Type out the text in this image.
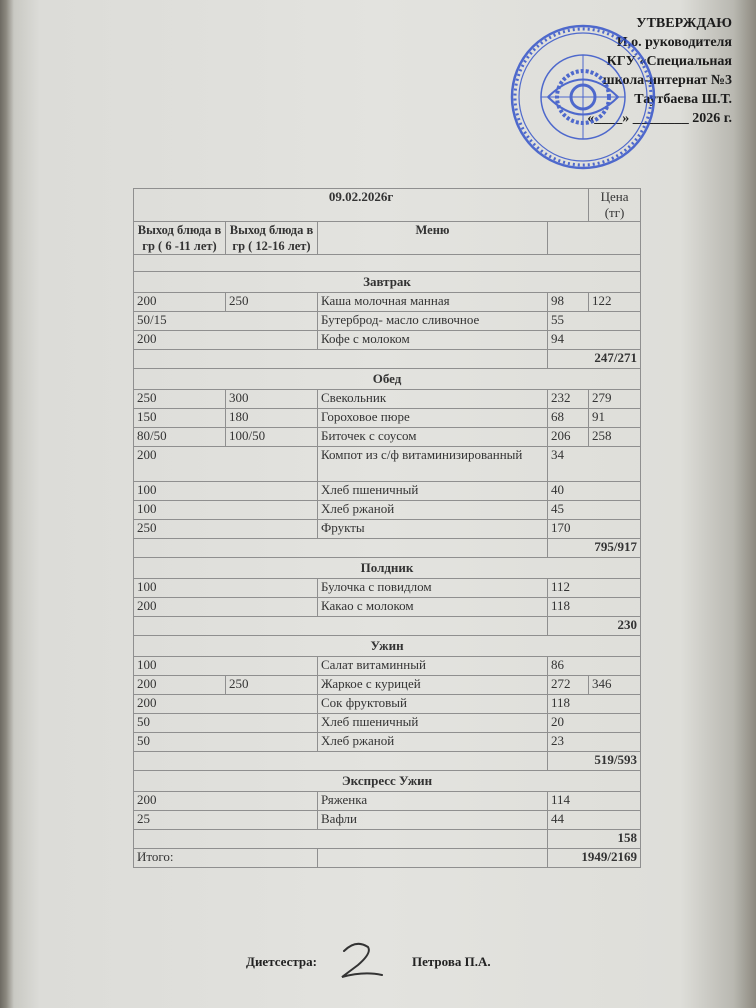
УТВЕРЖДАЮ
И.о. руководителя
КГУ «Специальная
школа-интернат №3
Таутбаева Ш.Т.
«____» ________ 2026 г.
09.02.2026г				Цена (тг)
Выход блюда в гр ( 6 -11 лет)	Выход блюда в гр ( 12-16 лет)	Меню		

Завтрак				
200	250	Каша молочная манная	98	122
50/15		Бутерброд- масло сливочное	55	
200		Кофе с молоком	94	
			247/271	
Обед				
250	300	Свекольник	232	279
150	180	Гороховое пюре	68	91
80/50	100/50	Биточек с соусом	206	258
200		Компот из с/ф витаминизированный	34	
100		Хлеб пшеничный	40	
100		Хлеб ржаной	45	
250		Фрукты	170	
			795/917	
Полдник				
100		Булочка с повидлом	112	
200		Какао с молоком	118	
			230	
Ужин				
100		Салат витаминный	86	
200	250	Жаркое с курицей	272	346
200		Сок фруктовый	118	
50		Хлеб пшеничный	20	
50		Хлеб ржаной	23	
			519/593	
Экспресс Ужин				
200		Ряженка	114	
25		Вафли	44	
			158	
Итого:			1949/2169	
Диетсестра:	Петрова П.А.
